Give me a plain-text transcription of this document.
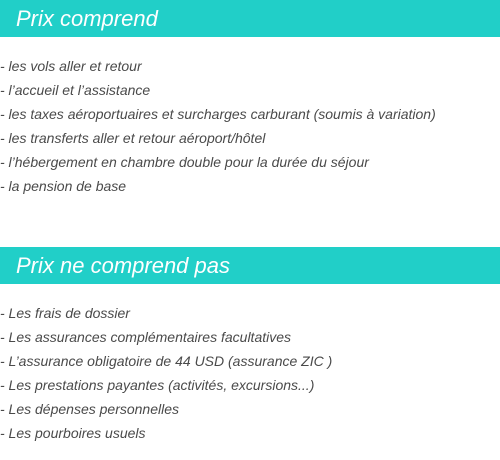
Prix comprend
- les vols aller et retour
- l’accueil et l’assistance
- les taxes aéroportuaires et surcharges carburant (soumis à variation)
- les transferts aller et retour aéroport/hôtel
- l’hébergement en chambre double pour la durée du séjour
- la pension de base
Prix ne comprend pas
- Les frais de dossier
- Les assurances complémentaires facultatives
- L’assurance obligatoire de 44 USD (assurance ZIC )
- Les prestations payantes (activités, excursions...)
- Les dépenses personnelles
- Les pourboires usuels
